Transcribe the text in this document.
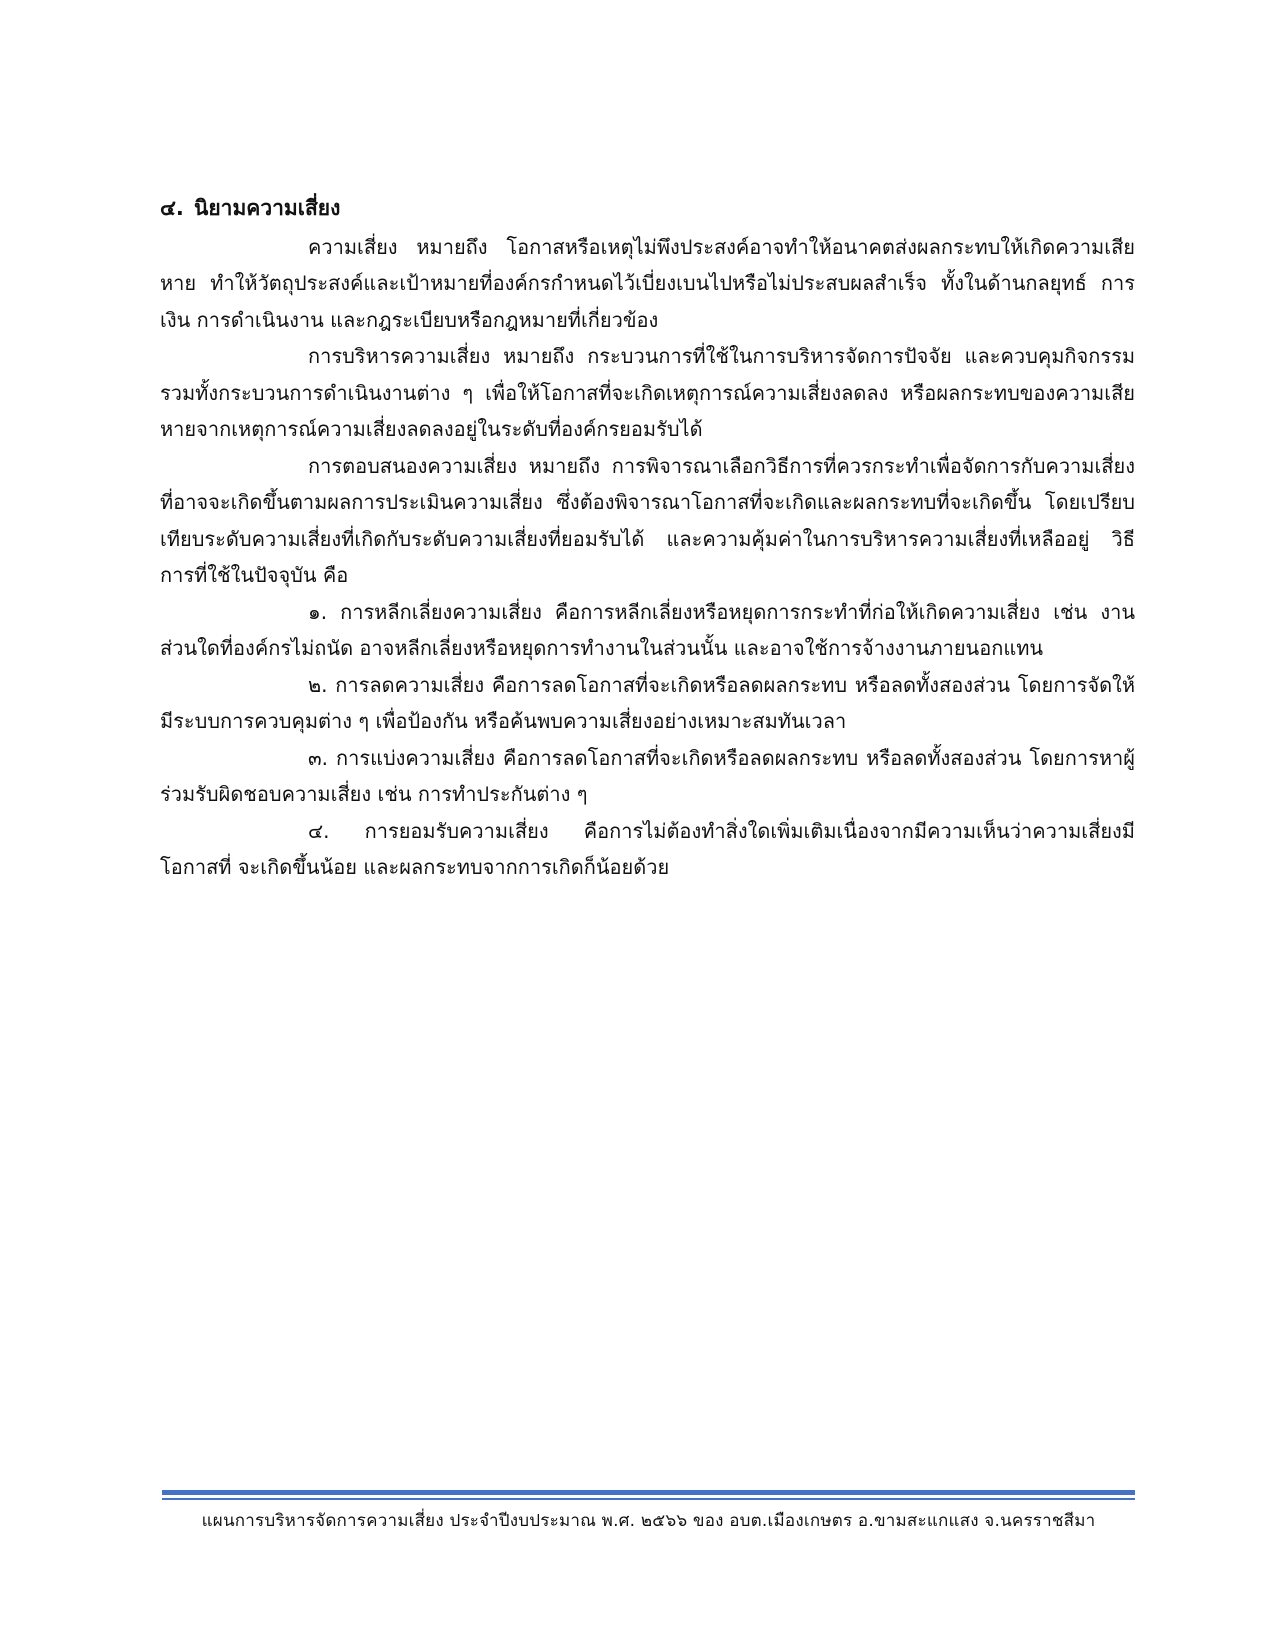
๔. นิยามความเสี่ยง

ความเสี่ยง หมายถึง โอกาสหรือเหตุไม่พึงประสงค์อาจทำให้อนาคตส่งผลกระทบให้เกิดความเสียหาย ทำให้วัตถุประสงค์และเป้าหมายที่องค์กรกำหนดไว้เบี่ยงเบนไปหรือไม่ประสบผลสำเร็จ ทั้งในด้านกลยุทธ์ การเงิน การดำเนินงาน และกฎระเบียบหรือกฎหมายที่เกี่ยวข้อง

การบริหารความเสี่ยง หมายถึง กระบวนการที่ใช้ในการบริหารจัดการปัจจัย และควบคุมกิจกรรม รวมทั้งกระบวนการดำเนินงานต่าง ๆ เพื่อให้โอกาสที่จะเกิดเหตุการณ์ความเสี่ยงลดลง หรือผลกระทบของความเสียหายจากเหตุการณ์ความเสี่ยงลดลงอยู่ในระดับที่องค์กรยอมรับได้

การตอบสนองความเสี่ยง หมายถึง การพิจารณาเลือกวิธีการที่ควรกระทำเพื่อจัดการกับความเสี่ยงที่อาจจะเกิดขึ้นตามผลการประเมินความเสี่ยง ซึ่งต้องพิจารณาโอกาสที่จะเกิดและผลกระทบที่จะเกิดขึ้น โดยเปรียบเทียบระดับความเสี่ยงที่เกิดกับระดับความเสี่ยงที่ยอมรับได้ และความคุ้มค่าในการบริหารความเสี่ยงที่เหลืออยู่ วิธีการที่ใช้ในปัจจุบัน คือ

๑. การหลีกเลี่ยงความเสี่ยง คือการหลีกเลี่ยงหรือหยุดการกระทำที่ก่อให้เกิดความเสี่ยง เช่น งานส่วนใดที่องค์กรไม่ถนัด อาจหลีกเลี่ยงหรือหยุดการทำงานในส่วนนั้น และอาจใช้การจ้างงานภายนอกแทน

๒. การลดความเสี่ยง คือการลดโอกาสที่จะเกิดหรือลดผลกระทบ หรือลดทั้งสองส่วน โดยการจัดให้มีระบบการควบคุมต่าง ๆ เพื่อป้องกัน หรือค้นพบความเสี่ยงอย่างเหมาะสมทันเวลา

๓. การแบ่งความเสี่ยง คือการลดโอกาสที่จะเกิดหรือลดผลกระทบ หรือลดทั้งสองส่วน โดยการหาผู้ร่วมรับผิดชอบความเสี่ยง เช่น การทำประกันต่าง ๆ

๔. การยอมรับความเสี่ยง คือการไม่ต้องทำสิ่งใดเพิ่มเติมเนื่องจากมีความเห็นว่าความเสี่ยงมีโอกาสที่ จะเกิดขึ้นน้อย และผลกระทบจากการเกิดก็น้อยด้วย

แผนการบริหารจัดการความเสี่ยง ประจำปีงบประมาณ พ.ศ. ๒๕๖๖ ของ อบต.เมืองเกษตร อ.ขามสะแกแสง จ.นครราชสีมา
